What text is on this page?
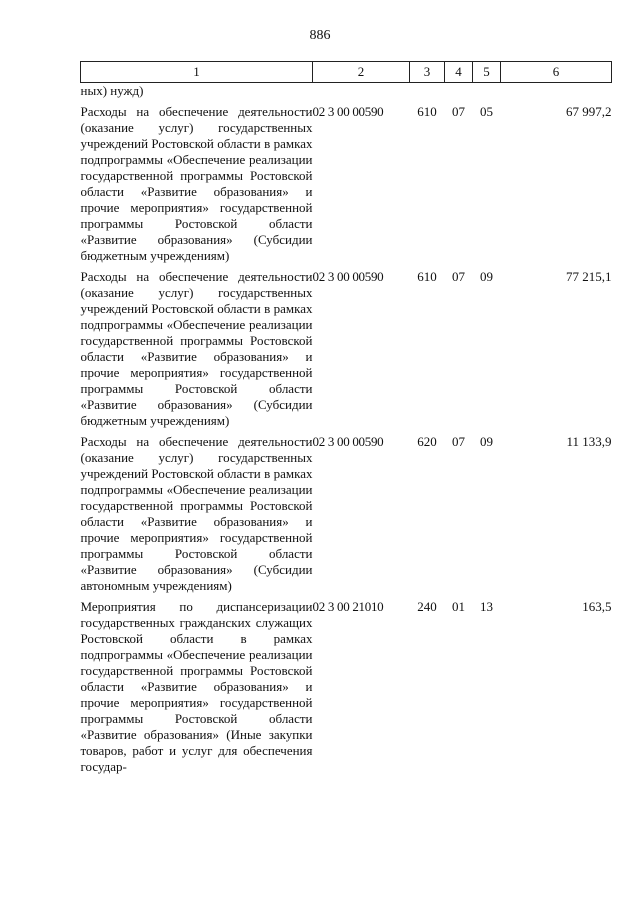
886
1	2	3	4	5	6
ных) нужд)					
Расходы на обеспечение деятельности (оказание услуг) государственных учреждений Ростовской области в рамках подпрограммы «Обеспечение реализации государственной программы Ростовской области «Развитие образования» и прочие мероприятия» государственной программы Ростовской области «Развитие образования» (Субсидии бюджетным учреждениям)	02 3 00 00590	610	07	05	67 997,2
Расходы на обеспечение деятельности (оказание услуг) государственных учреждений Ростовской области в рамках подпрограммы «Обеспечение реализации государственной программы Ростовской области «Развитие образования» и прочие мероприятия» государственной программы Ростовской области «Развитие образования» (Субсидии бюджетным учреждениям)	02 3 00 00590	610	07	09	77 215,1
Расходы на обеспечение деятельности (оказание услуг) государственных учреждений Ростовской области в рамках подпрограммы «Обеспечение реализации государственной программы Ростовской области «Развитие образования» и прочие мероприятия» государственной программы Ростовской области «Развитие образования» (Субсидии автономным учреждениям)	02 3 00 00590	620	07	09	11 133,9
Мероприятия по диспансеризации государственных гражданских служащих Ростовской области в рамках подпрограммы «Обеспечение реализации государственной программы Ростовской области «Развитие образования» и прочие мероприятия» государственной программы Ростовской области «Развитие образования» (Иные закупки товаров, работ и услуг для обеспечения государ-	02 3 00 21010	240	01	13	163,5
